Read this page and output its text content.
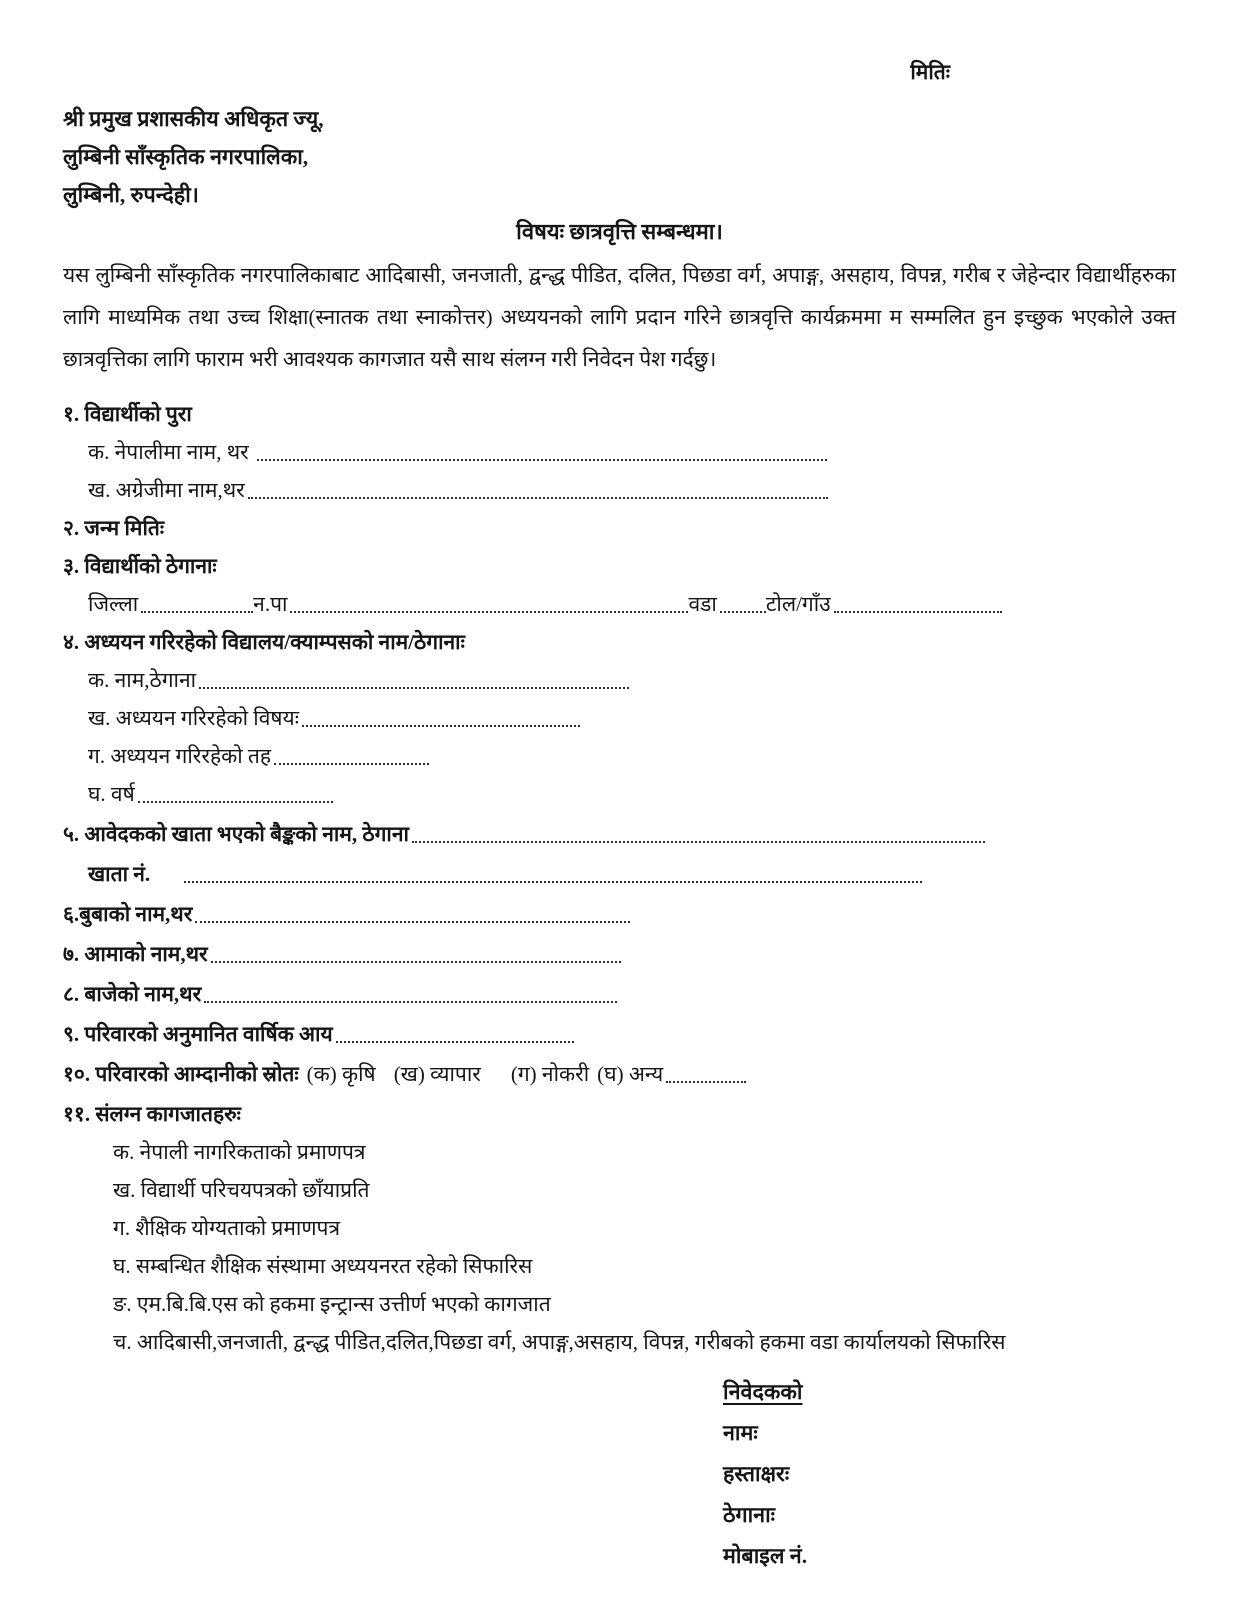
मितिः
श्री प्रमुख प्रशासकीय अधिकृत ज्यू,
लुम्बिनी साँस्कृतिक नगरपालिका,
लुम्बिनी, रुपन्देही।
विषयः छात्रवृत्ति सम्बन्धमा।

यस लुम्बिनी साँस्कृतिक नगरपालिकाबाट आदिबासी, जनजाती, द्वन्द्ध पीडित, दलित, पिछडा वर्ग, अपाङ्ग, असहाय, विपन्न, गरीब र जेहेन्दार विद्यार्थीहरुका लागि माध्यमिक तथा उच्च शिक्षा(स्नातक तथा स्नाकोत्तर) अध्ययनको लागि प्रदान गरिने छात्रवृत्ति कार्यक्रममा म सम्मलित हुन इच्छुक भएकोले उक्त छात्रवृत्तिका लागि फाराम भरी आवश्यक कागजात यसै साथ संलग्न गरी निवेदन पेश गर्दछु।

१. विद्यार्थीको पुरा
क. नेपालीमा नाम, थर
ख. अग्रेजीमा नाम,थर
२. जन्म मितिः
३. विद्यार्थीको ठेगानाः
जिल्ला	न.पा	वडा टोल/गाँउ
४. अध्ययन गरिरहेको विद्यालय/क्याम्पसको नाम/ठेगानाः
क. नाम,ठेगाना
ख. अध्ययन गरिरहेको विषयः
ग. अध्ययन गरिरहेको तह
घ. वर्ष
५. आवेदकको खाता भएको बैङ्कको नाम, ठेगाना
खाता नं.
६.बुबाको नाम,थर
७. आमाको नाम,थर
८. बाजेको नाम,थर
९. परिवारको अनुमानित वार्षिक आय
१०. परिवारको आम्दानीको स्रोतः (क) कृषि (ख) व्यापार (ग) नोकरी (घ) अन्य
११. संलग्न कागजातहरुः
क. नेपाली नागरिकताको प्रमाणपत्र
ख. विद्यार्थी परिचयपत्रको छाँयाप्रति
ग. शैक्षिक योग्यताको प्रमाणपत्र
घ. सम्बन्धित शैक्षिक संस्थामा अध्ययनरत रहेको सिफारिस
ङ. एम.बि.बि.एस को हकमा इन्ट्रान्स उत्तीर्ण भएको कागजात
च. आदिबासी,जनजाती, द्वन्द्ध पीडित,दलित,पिछडा वर्ग, अपाङ्ग,असहाय, विपन्न, गरीबको हकमा वडा कार्यालयको सिफारिस
निवेदकको
नामः
हस्ताक्षरः
ठेगानाः
मोबाइल नं.
